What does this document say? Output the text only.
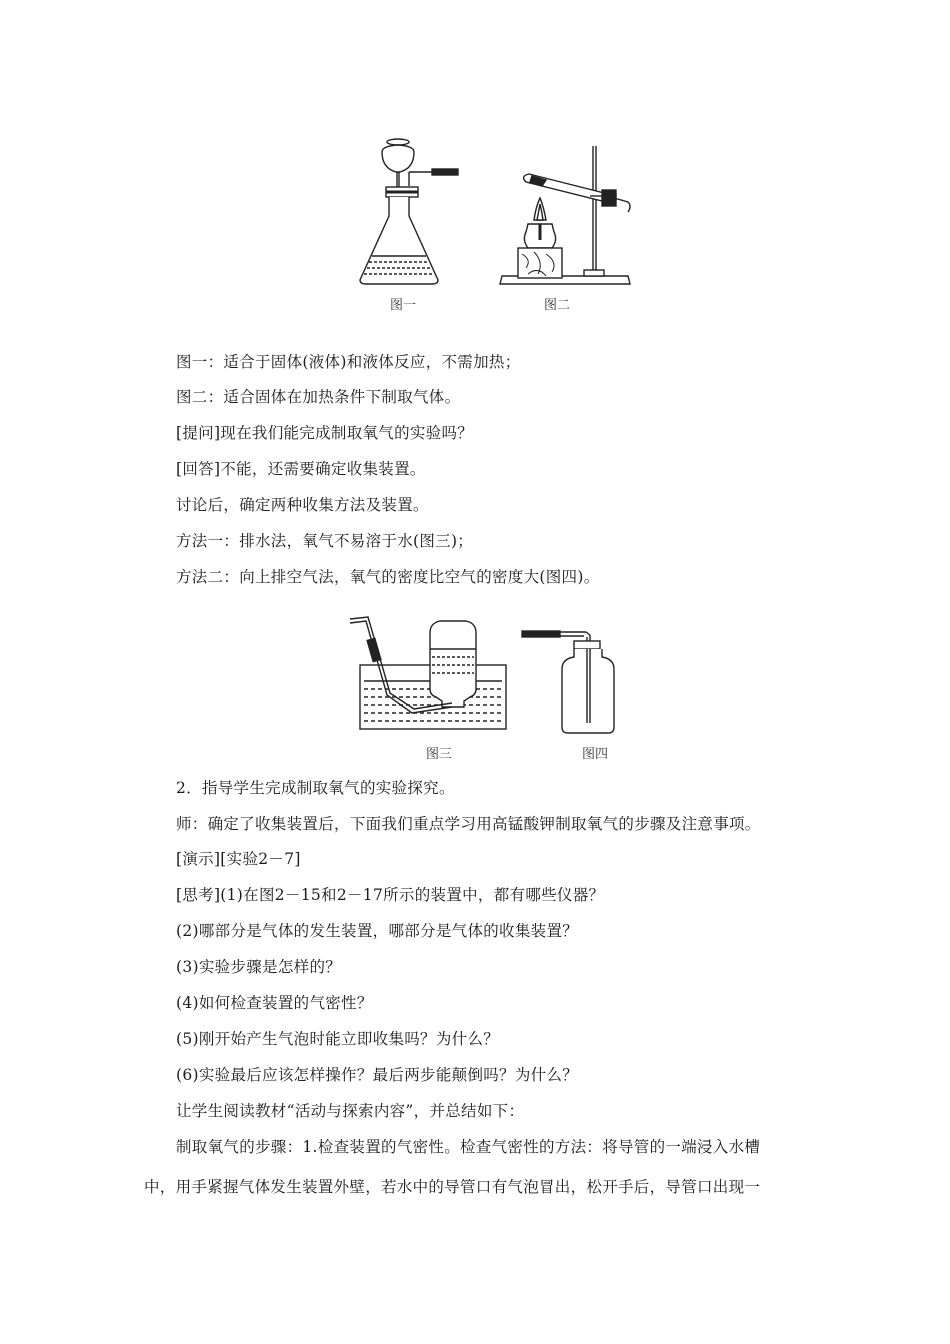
图一	图二
图一：适合于固体(液体)和液体反应，不需加热；
图二：适合固体在加热条件下制取气体。
[提问]现在我们能完成制取氧气的实验吗？
[回答]不能，还需要确定收集装置。
讨论后，确定两种收集方法及装置。
方法一：排水法，氧气不易溶于水(图三)；
方法二：向上排空气法，氧气的密度比空气的密度大(图四)。
图三	图四
2．指导学生完成制取氧气的实验探究。
师：确定了收集装置后，下面我们重点学习用高锰酸钾制取氧气的步骤及注意事项。
[演示][实验2－7]
[思考](1)在图2－15和2－17所示的装置中，都有哪些仪器？
(2)哪部分是气体的发生装置，哪部分是气体的收集装置？
(3)实验步骤是怎样的？
(4)如何检查装置的气密性？
(5)刚开始产生气泡时能立即收集吗？为什么？
(6)实验最后应该怎样操作？最后两步能颠倒吗？为什么？
让学生阅读教材“活动与探索内容”，并总结如下：
制取氧气的步骤：1.检查装置的气密性。检查气密性的方法：将导管的一端浸入水槽
中，用手紧握气体发生装置外壁，若水中的导管口有气泡冒出，松开手后，导管口出现一
